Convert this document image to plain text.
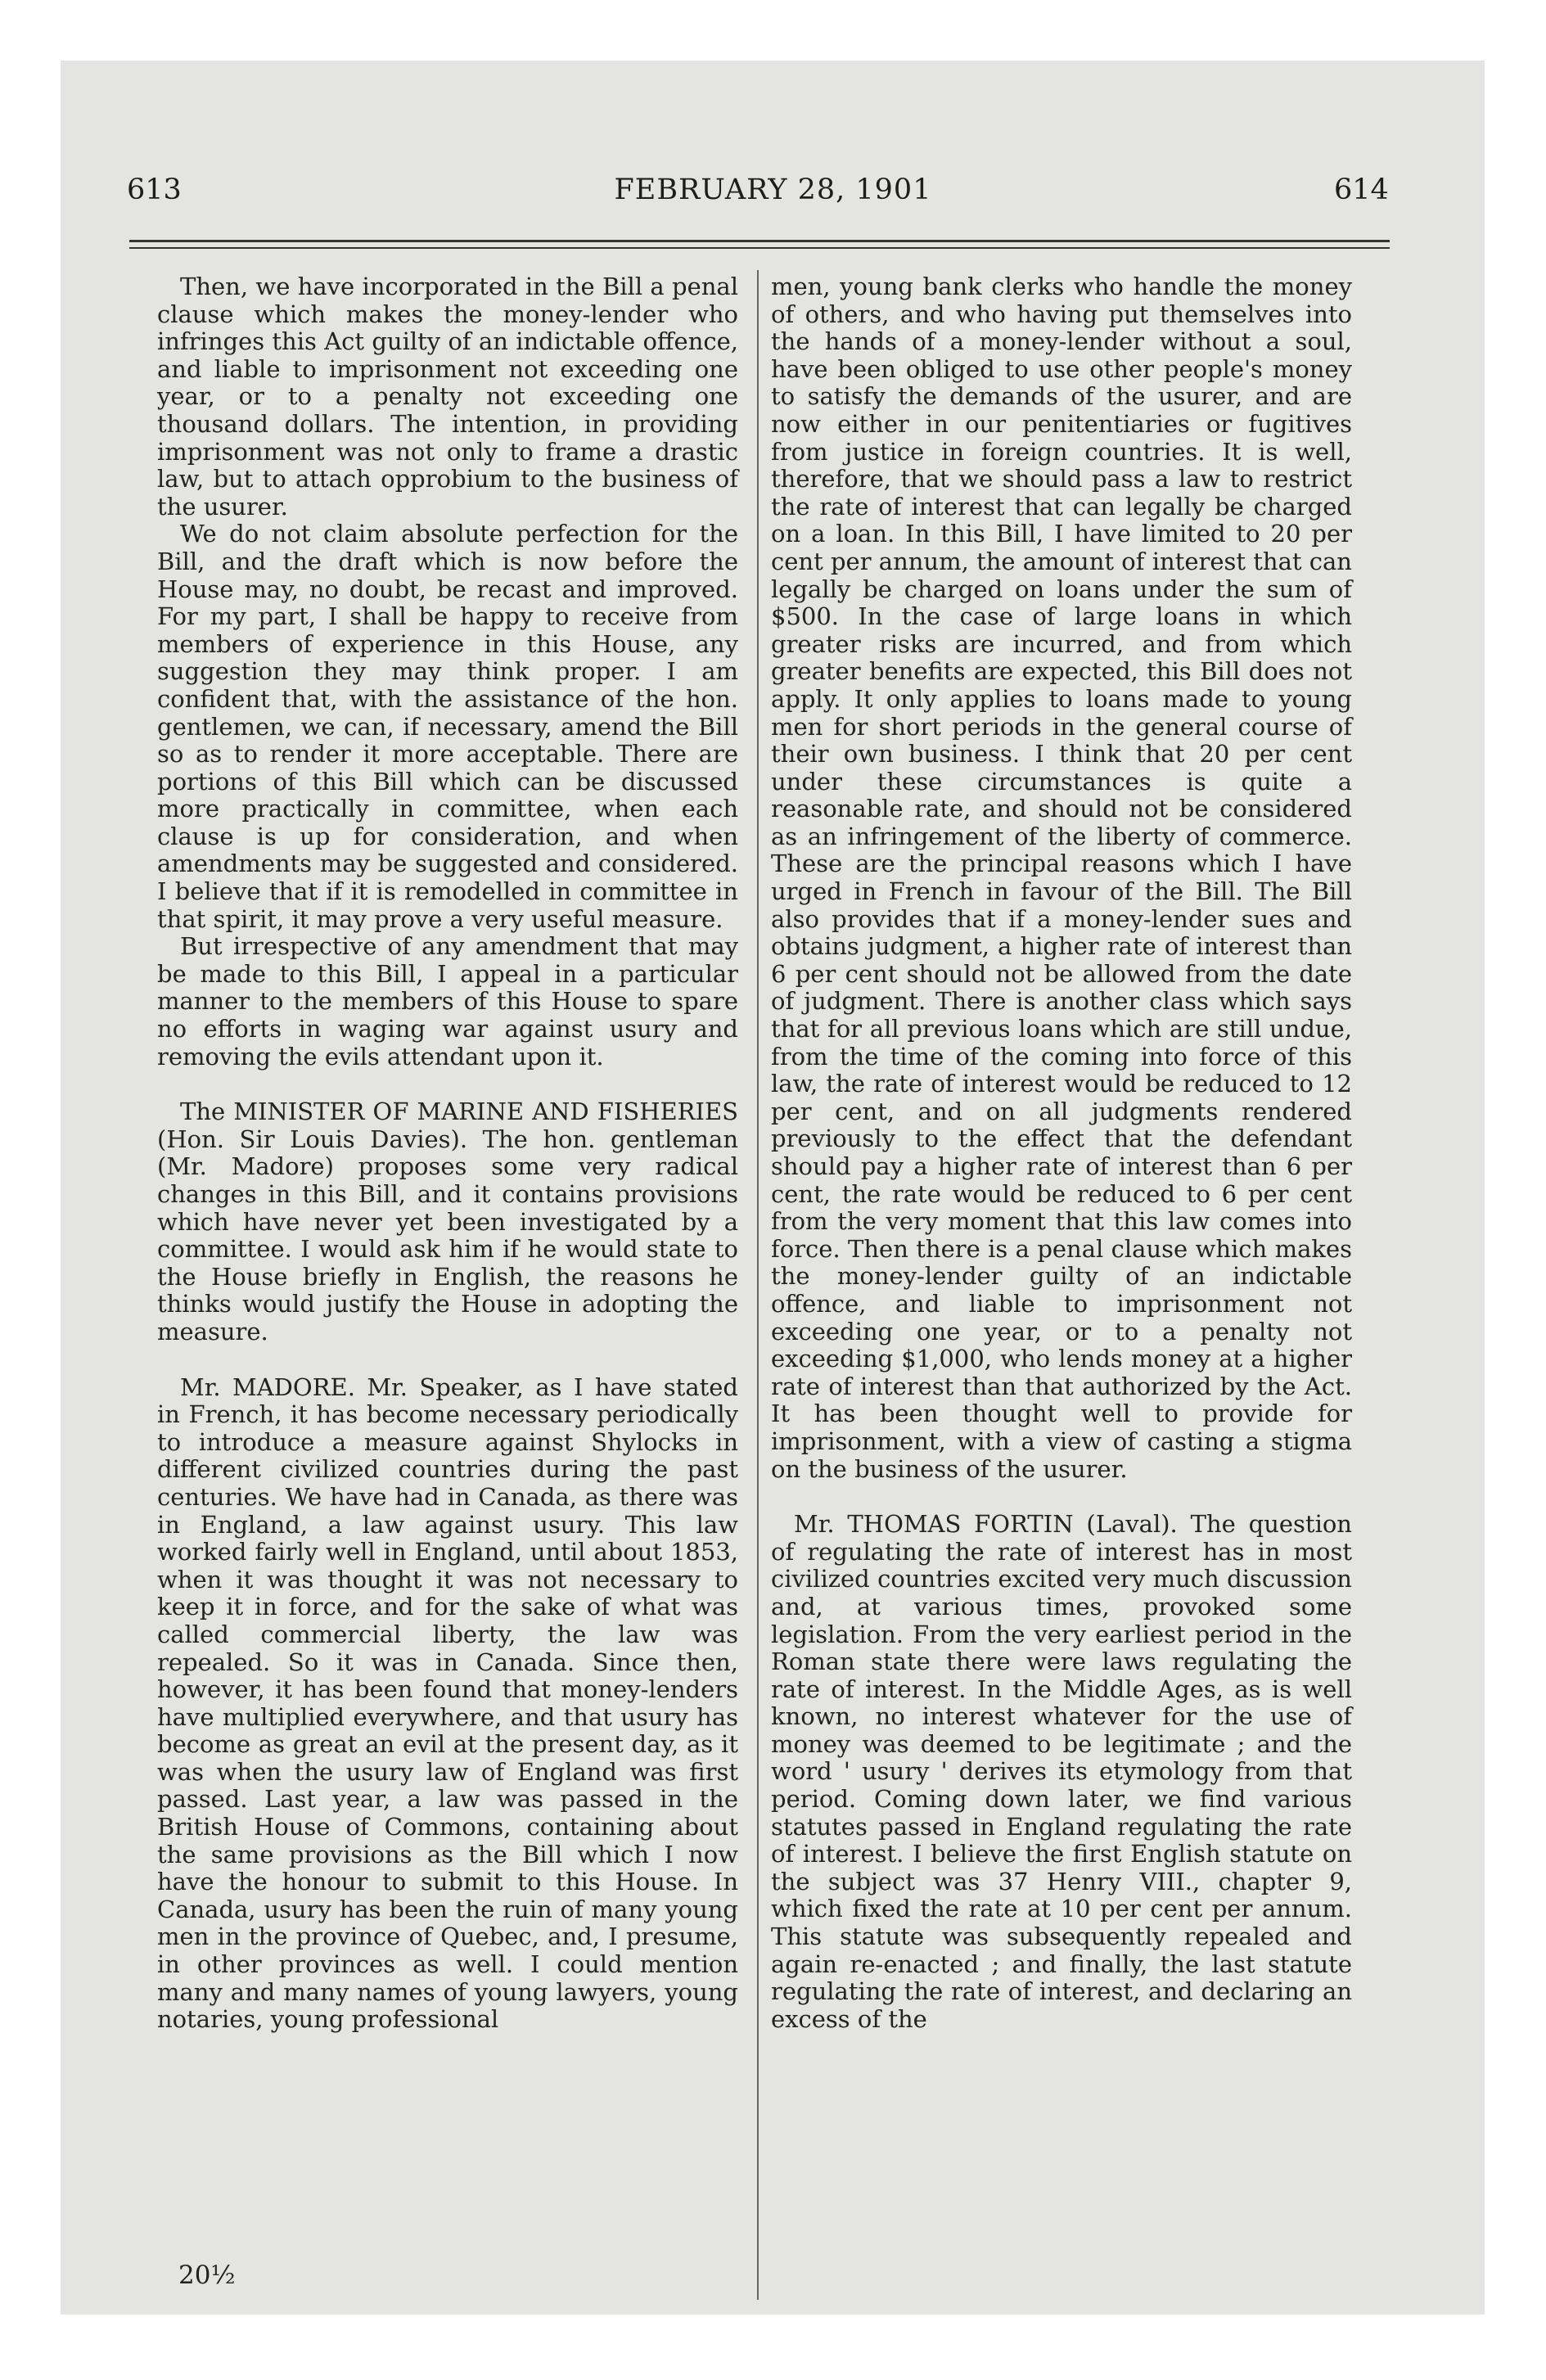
613	FEBRUARY 28, 1901	614

Then, we have incorporated in the Bill a penal clause which makes the money-lender who infringes this Act guilty of an indictable offence, and liable to imprisonment not exceeding one year, or to a penalty not exceeding one thousand dollars. The intention, in providing imprisonment was not only to frame a drastic law, but to attach opprobium to the business of the usurer.

We do not claim absolute perfection for the Bill, and the draft which is now before the House may, no doubt, be recast and improved. For my part, I shall be happy to receive from members of experience in this House, any suggestion they may think proper. I am confident that, with the assistance of the hon. gentlemen, we can, if necessary, amend the Bill so as to render it more acceptable. There are portions of this Bill which can be discussed more practically in committee, when each clause is up for consideration, and when amendments may be suggested and considered. I believe that if it is remodelled in committee in that spirit, it may prove a very useful measure.

But irrespective of any amendment that may be made to this Bill, I appeal in a particular manner to the members of this House to spare no efforts in waging war against usury and removing the evils attendant upon it.

The MINISTER OF MARINE AND FISHERIES (Hon. Sir Louis Davies). The hon. gentleman (Mr. Madore) proposes some very radical changes in this Bill, and it contains provisions which have never yet been investigated by a committee. I would ask him if he would state to the House briefly in English, the reasons he thinks would justify the House in adopting the measure.

Mr. MADORE. Mr. Speaker, as I have stated in French, it has become necessary periodically to introduce a measure against Shylocks in different civilized countries during the past centuries. We have had in Canada, as there was in England, a law against usury. This law worked fairly well in England, until about 1853, when it was thought it was not necessary to keep it in force, and for the sake of what was called commercial liberty, the law was repealed. So it was in Canada. Since then, however, it has been found that money-lenders have multiplied everywhere, and that usury has become as great an evil at the present day, as it was when the usury law of England was first passed. Last year, a law was passed in the British House of Commons, containing about the same provisions as the Bill which I now have the honour to submit to this House. In Canada, usury has been the ruin of many young men in the province of Quebec, and, I presume, in other provinces as well. I could mention many and many names of young lawyers, young notaries, young professional

men, young bank clerks who handle the money of others, and who having put themselves into the hands of a money-lender without a soul, have been obliged to use other people's money to satisfy the demands of the usurer, and are now either in our penitentiaries or fugitives from justice in foreign countries. It is well, therefore, that we should pass a law to restrict the rate of interest that can legally be charged on a loan. In this Bill, I have limited to 20 per cent per annum, the amount of interest that can legally be charged on loans under the sum of $500. In the case of large loans in which greater risks are incurred, and from which greater benefits are expected, this Bill does not apply. It only applies to loans made to young men for short periods in the general course of their own business. I think that 20 per cent under these circumstances is quite a reasonable rate, and should not be considered as an infringement of the liberty of commerce. These are the principal reasons which I have urged in French in favour of the Bill. The Bill also provides that if a money-lender sues and obtains judgment, a higher rate of interest than 6 per cent should not be allowed from the date of judgment. There is another class which says that for all previous loans which are still undue, from the time of the coming into force of this law, the rate of interest would be reduced to 12 per cent, and on all judgments rendered previously to the effect that the defendant should pay a higher rate of interest than 6 per cent, the rate would be reduced to 6 per cent from the very moment that this law comes into force. Then there is a penal clause which makes the money-lender guilty of an indictable offence, and liable to imprisonment not exceeding one year, or to a penalty not exceeding $1,000, who lends money at a higher rate of interest than that authorized by the Act. It has been thought well to provide for imprisonment, with a view of casting a stigma on the business of the usurer.

Mr. THOMAS FORTIN (Laval). The question of regulating the rate of interest has in most civilized countries excited very much discussion and, at various times, provoked some legislation. From the very earliest period in the Roman state there were laws regulating the rate of interest. In the Middle Ages, as is well known, no interest whatever for the use of money was deemed to be legitimate ; and the word ' usury ' derives its etymology from that period. Coming down later, we find various statutes passed in England regulating the rate of interest. I believe the first English statute on the subject was 37 Henry VIII., chapter 9, which fixed the rate at 10 per cent per annum. This statute was subsequently repealed and again re-enacted ; and finally, the last statute regulating the rate of interest, and declaring an excess of the

20½
